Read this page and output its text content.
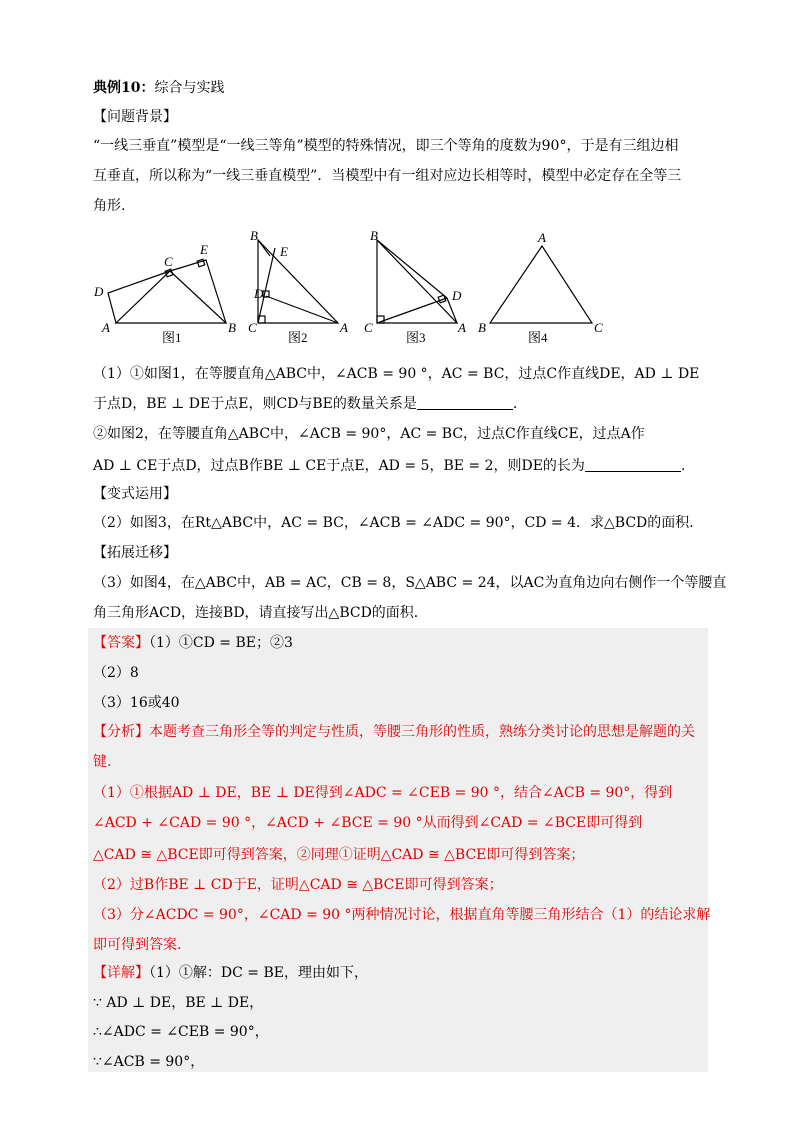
典例10：综合与实践
【问题背景】
“一线三垂直”模型是“一线三等角”模型的特殊情况，即三个等角的度数为90°，于是有三组边相
互垂直，所以称为“一线三垂直模型”．当模型中有一组对应边长相等时，模型中必定存在全等三
角形.
A	B
C
D
E
图1
B
E
D
C	A
图2
B
D
C	A
图3
A
B	C
图4
（1）①如图1，在等腰直角△ABC中，∠ACB = 90 °，AC = BC，过点C作直线DE，AD ⊥ DE
于点D，BE ⊥ DE于点E，则CD与BE的数量关系是	.
②如图2，在等腰直角△ABC中，∠ACB = 90°，AC = BC，过点C作直线CE，过点A作
AD ⊥ CE于点D，过点B作BE ⊥ CE于点E，AD = 5，BE = 2，则DE的长为	.
【变式运用】
（2）如图3，在Rt△ABC中，AC = BC，∠ACB = ∠ADC = 90°，CD = 4．求△BCD的面积．
【拓展迁移】
（3）如图4，在△ABC中，AB = AC，CB = 8，S△ABC = 24，以AC为直角边向右侧作一个等腰直
角三角形ACD，连接BD，请直接写出△BCD的面积．
【答案】（1）①CD = BE；②3
（2）8
（3）16或40
【分析】本题考查三角形全等的判定与性质，等腰三角形的性质，熟练分类讨论的思想是解题的关
键.
（1）①根据AD ⊥ DE，BE ⊥ DE得到∠ADC = ∠CEB = 90 °，结合∠ACB = 90°，得到
∠ACD + ∠CAD = 90 °，∠ACD + ∠BCE = 90 °从而得到∠CAD = ∠BCE即可得到
△CAD ≅ △BCE即可得到答案，②同理①证明△CAD ≅ △BCE即可得到答案；
（2）过B作BE ⊥ CD于E，证明△CAD ≅ △BCE即可得到答案；
（3）分∠ACDC = 90°，∠CAD = 90 °两种情况讨论，根据直角等腰三角形结合（1）的结论求解
即可得到答案.
【详解】（1）①解：DC = BE，理由如下，
∵ AD ⊥ DE，BE ⊥ DE，
∴∠ADC = ∠CEB = 90°，
∵∠ACB = 90°，
